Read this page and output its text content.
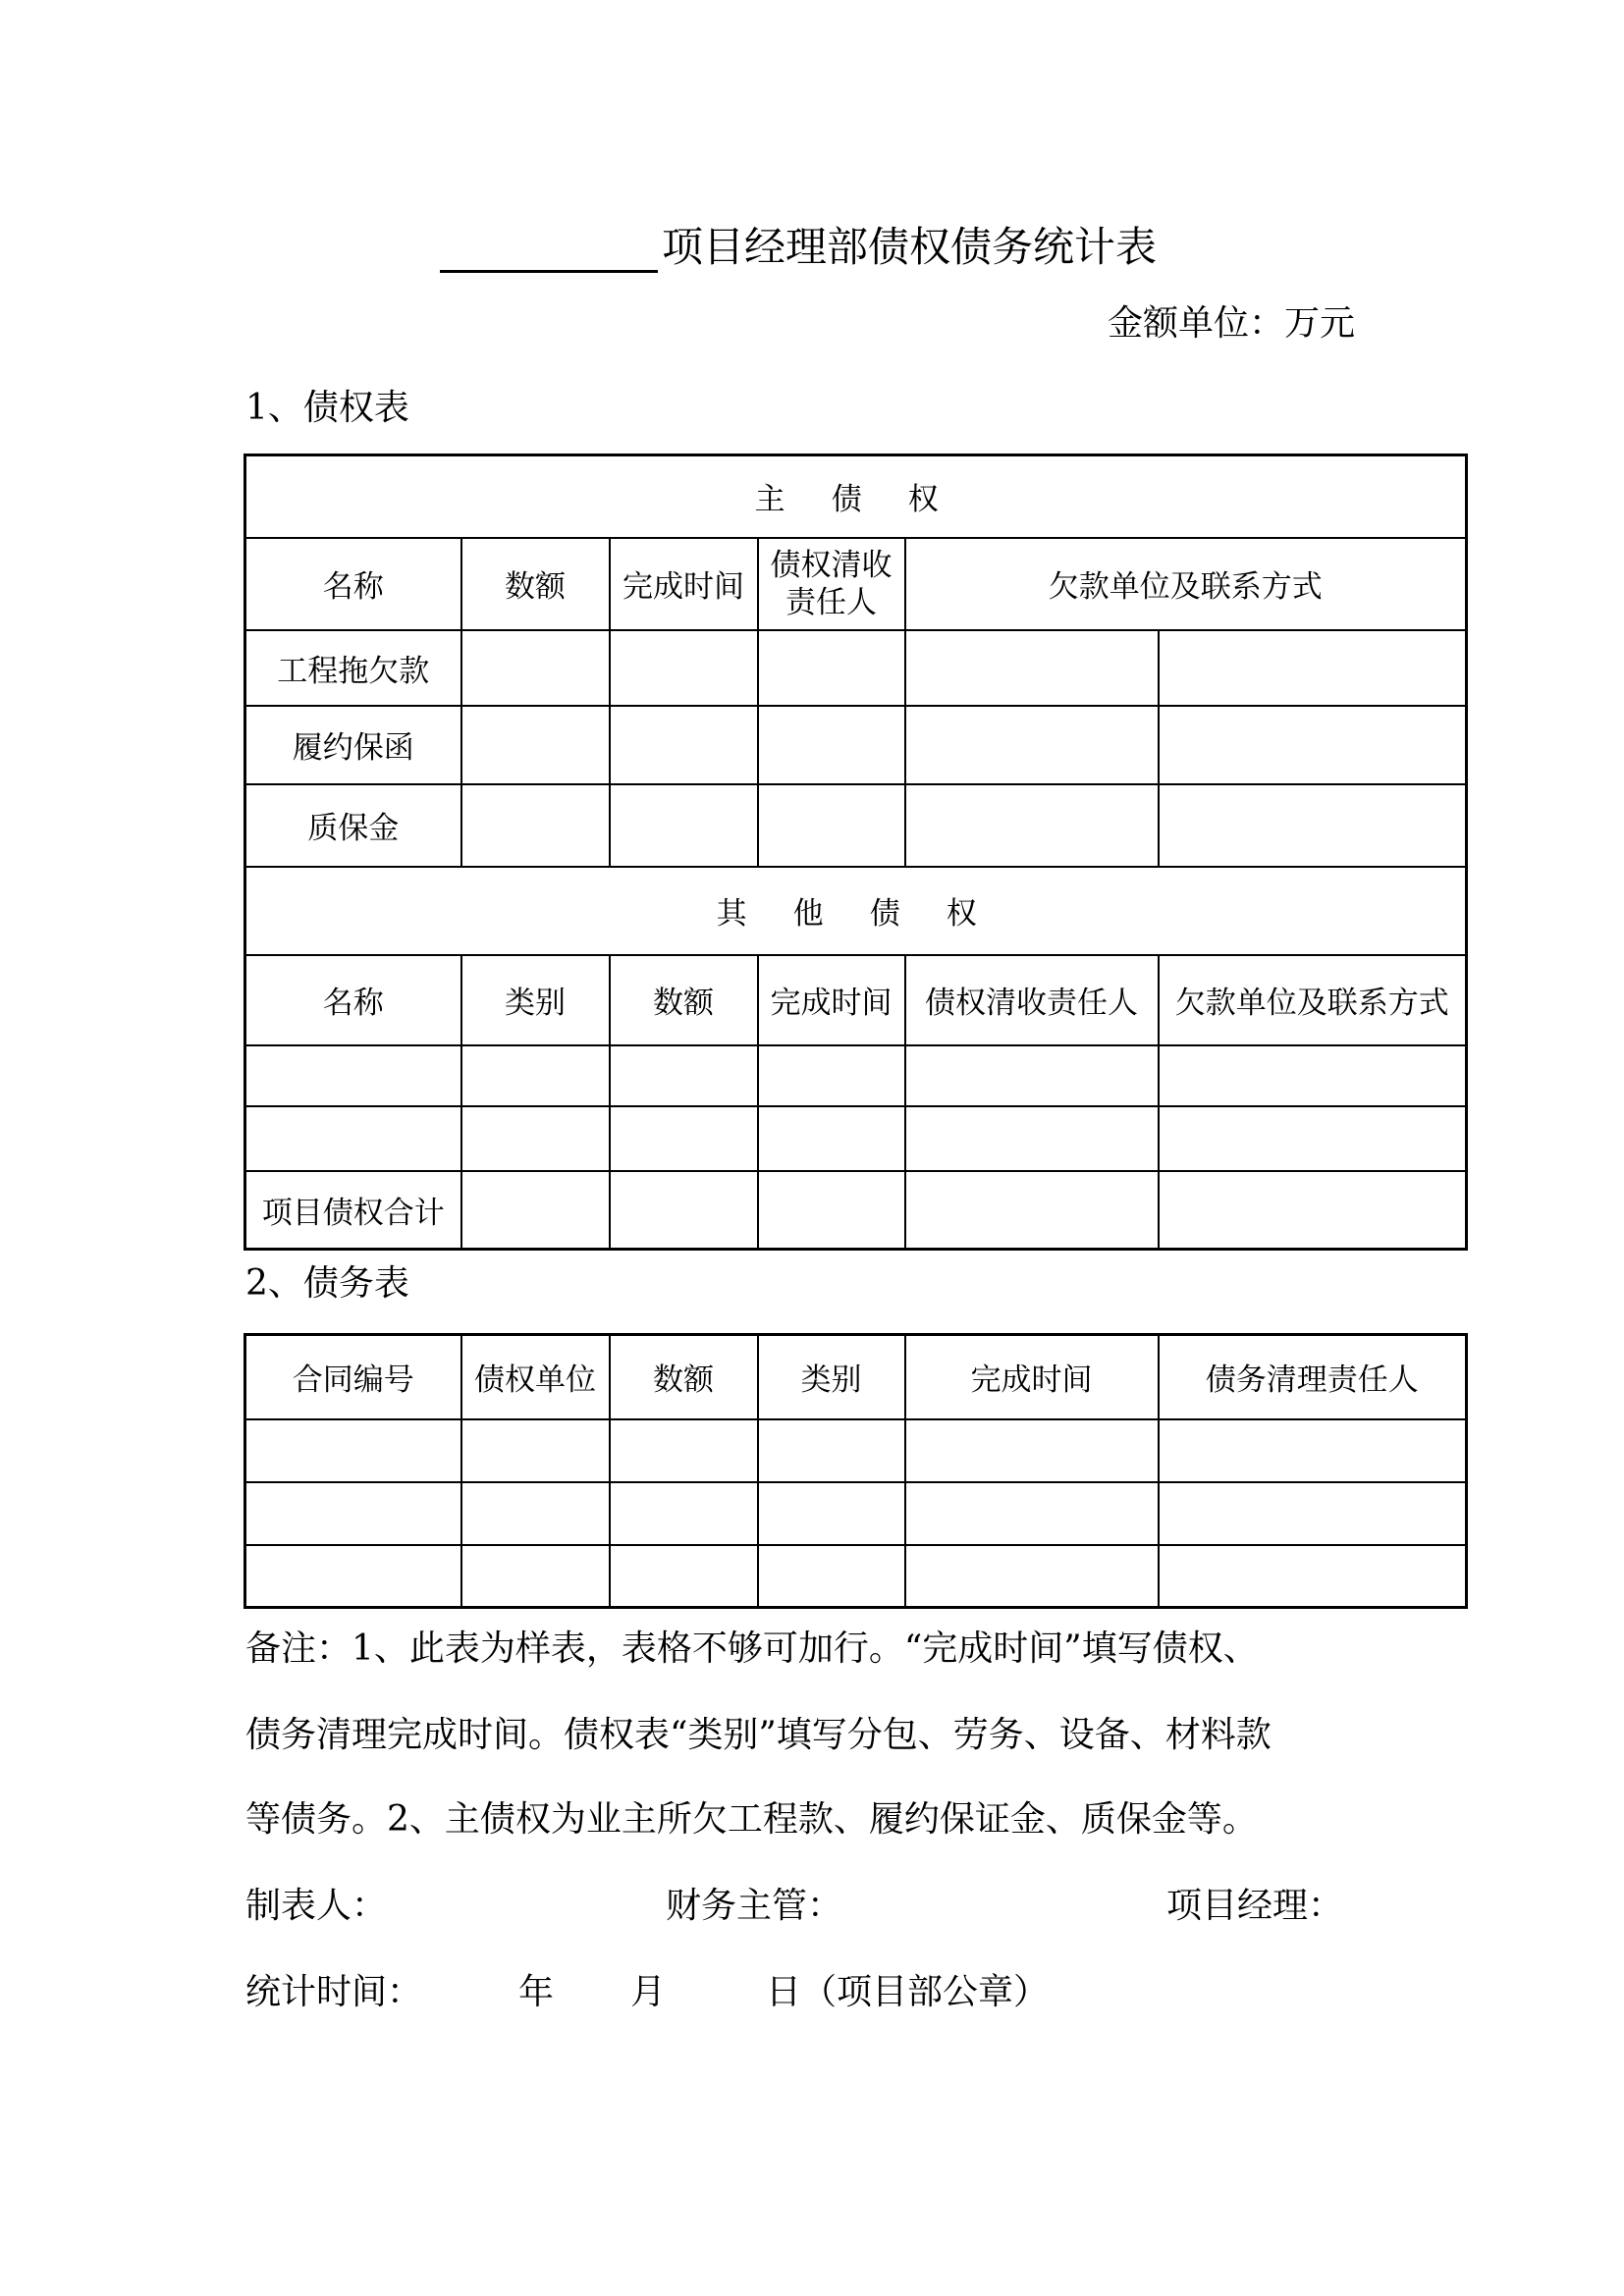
项目经理部债权债务统计表
金额单位：万元
1、债权表
主 债 权					
名称	数额	完成时间	债权清收责任人	欠款单位及联系方式	
工程拖欠款					
履约保函					
质保金					
其 他 债 权					
名称	类别	数额	完成时间	债权清收责任人	欠款单位及联系方式

项目债权合计					
2、债务表
合同编号	债权单位	数额	类别	完成时间	债务清理责任人

备注：1、此表为样表，表格不够可加行。“完成时间”填写债权、
债务清理完成时间。债权表“类别”填写分包、劳务、设备、材料款
等债务。2、主债权为业主所欠工程款、履约保证金、质保金等。
制表人：	财务主管：	项目经理：
统计时间：	年 月	日（项目部公章）
